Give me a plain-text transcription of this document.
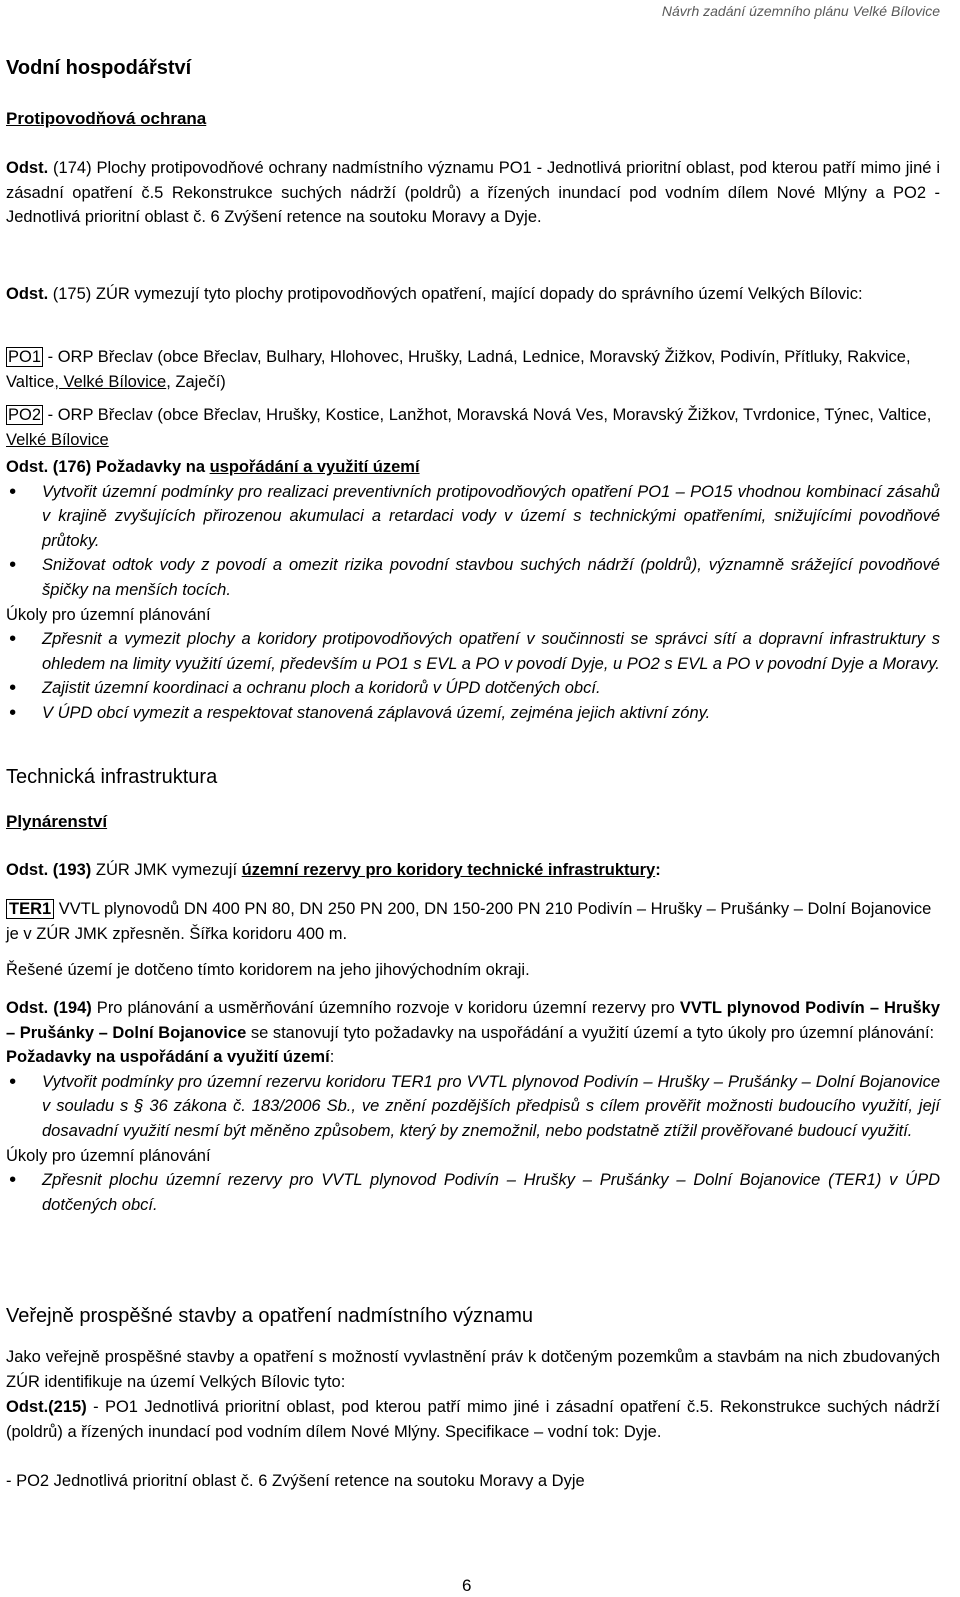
Návrh zadání územního plánu Velké Bílovice
Vodní hospodářství
Protipovodňová ochrana
Odst. (174) Plochy protipovodňové ochrany nadmístního významu PO1 - Jednotlivá prioritní oblast, pod kterou patří mimo jiné i zásadní opatření č.5 Rekonstrukce suchých nádrží (poldrů) a řízených inundací pod vodním dílem Nové Mlýny a PO2 - Jednotlivá prioritní oblast č. 6 Zvýšení retence na soutoku Moravy a Dyje.
Odst. (175) ZÚR vymezují tyto plochy protipovodňových opatření, mající dopady do správního území Velkých Bílovic:
PO1 - ORP Břeclav (obce Břeclav, Bulhary, Hlohovec, Hrušky, Ladná, Lednice, Moravský Žižkov, Podivín, Přítluky, Rakvice, Valtice, Velké Bílovice, Zaječí)
PO2 - ORP Břeclav (obce Břeclav, Hrušky, Kostice, Lanžhot, Moravská Nová Ves, Moravský Žižkov, Tvrdonice, Týnec, Valtice, Velké Bílovice
Odst. (176) Požadavky na uspořádání a využití území
• Vytvořit územní podmínky pro realizaci preventivních protipovodňových opatření PO1 – PO15 vhodnou kombinací zásahů v krajině zvyšujících přirozenou akumulaci a retardaci vody v území s technickými opatřeními, snižujícími povodňové průtoky.
• Snižovat odtok vody z povodí a omezit rizika povodní stavbou suchých nádrží (poldrů), významně srážející povodňové špičky na menších tocích.
Úkoly pro územní plánování
• Zpřesnit a vymezit plochy a koridory protipovodňových opatření v součinnosti se správci sítí a dopravní infrastruktury s ohledem na limity využití území, především u PO1 s EVL a PO v povodí Dyje, u PO2 s EVL a PO v povodní Dyje a Moravy.
• Zajistit územní koordinaci a ochranu ploch a koridorů v ÚPD dotčených obcí.
• V ÚPD obcí vymezit a respektovat stanovená záplavová území, zejména jejich aktivní zóny.
Technická infrastruktura
Plynárenství
Odst. (193) ZÚR JMK vymezují územní rezervy pro koridory technické infrastruktury:
TER1 VVTL plynovodů DN 400 PN 80, DN 250 PN 200, DN 150-200 PN 210 Podivín – Hrušky – Prušánky – Dolní Bojanovice je v ZÚR JMK zpřesněn. Šířka koridoru 400 m.
Řešené území je dotčeno tímto koridorem na jeho jihovýchodním okraji.
Odst. (194) Pro plánování a usměrňování územního rozvoje v koridoru územní rezervy pro VVTL plynovod Podivín – Hrušky – Prušánky – Dolní Bojanovice se stanovují tyto požadavky na uspořádání a využití území a tyto úkoly pro územní plánování:
Požadavky na uspořádání a využití území:
• Vytvořit podmínky pro územní rezervu koridoru TER1 pro VVTL plynovod Podivín – Hrušky – Prušánky – Dolní Bojanovice v souladu s § 36 zákona č. 183/2006 Sb., ve znění pozdějších předpisů s cílem prověřit možnosti budoucího využití, její dosavadní využití nesmí být měněno způsobem, který by znemožnil, nebo podstatně ztížil prověřované budoucí využití.
Úkoly pro územní plánování
• Zpřesnit plochu územní rezervy pro VVTL plynovod Podivín – Hrušky – Prušánky – Dolní Bojanovice (TER1) v ÚPD dotčených obcí.
Veřejně prospěšné stavby a opatření nadmístního významu
Jako veřejně prospěšné stavby a opatření s možností vyvlastnění práv k dotčeným pozemkům a stavbám na nich zbudovaných ZÚR identifikuje na území Velkých Bílovic tyto:
Odst.(215) - PO1 Jednotlivá prioritní oblast, pod kterou patří mimo jiné i zásadní opatření č.5. Rekonstrukce suchých nádrží (poldrů) a řízených inundací pod vodním dílem Nové Mlýny. Specifikace – vodní tok: Dyje.
- PO2 Jednotlivá prioritní oblast č. 6 Zvýšení retence na soutoku Moravy a Dyje
6
